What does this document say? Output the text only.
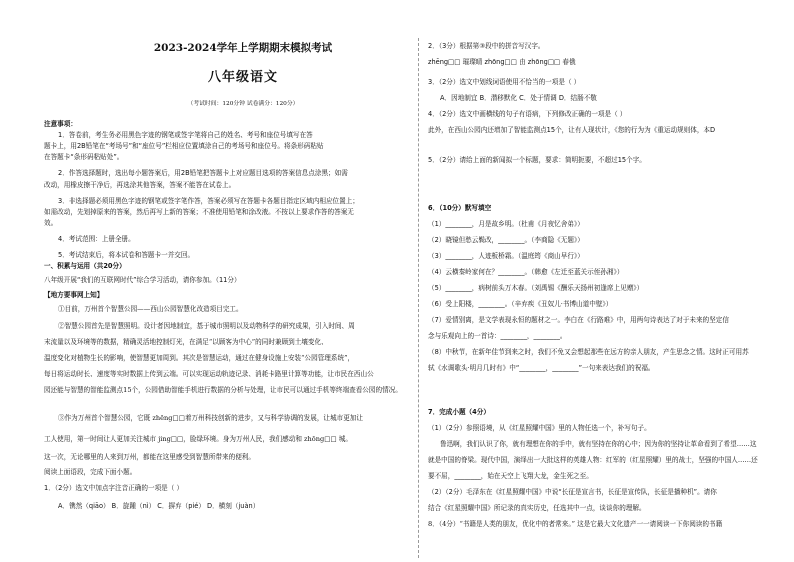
2023-2024学年上学期期末模拟考试
八年级语文
（考试时间：120分钟 试卷满分：120分）
注意事项：
1．答卷前，考生务必用黑色字迹的钢笔或签字笔将自己的姓名、考号和座位号填写在答
题卡上，用2B铅笔在“考场号”和“座位号”栏相应位置填涂自己的考场号和座位号。将条形码粘贴
在答题卡“条形码粘贴处”。
2．作答选择题时，选出每小题答案后，用2B铅笔把答题卡上对应题目选项的答案信息点涂黑；如需
改动，用橡皮擦干净后，再选涂其他答案，答案不能答在试卷上。
3．非选择题必须用黑色字迹的钢笔或签字笔作答，答案必须写在答题卡各题目指定区域内相应位置上；
如需改动，先划掉原来的答案，然后再写上新的答案；不准使用铅笔和涂改液。不按以上要求作答的答案无
效。
4．考试范围：上册全册。
5．考试结束后，将本试卷和答题卡一并交回。
一、积累与运用（共20分）
八年级开展“我们的互联网时代”综合学习活动，请你参加。（11分）
【地方要事网上知】
①目前，万州首个智慧公园——西山公园智慧化改造项目完工。
②智慧公园首先是智慧照明。设计者因地制宜，基于城市照明以及动物科学的研究成果，引入时间、周
末流量以及环境等的数据，精确灵活地控制灯光，在满足“以顾客为中心”的同时兼顾到土壤变化、
温度变化对植物生长的影响，使智慧更加周到。其次是智慧运动，通过在健身设施上安装“公园管理系统”，
每日将运动时长、速度等实时数据上传到云端。可以实现运动轨迹记录、消耗卡路里计算等功能，让市民在西山公
园还能与智慧的智能监测点15个，公园借助智能手机进行数据的分析与处理，让市民可以通过手机等终端查看公园的情况。
③作为万州首个智慧公园，它既 zhēng□□着万州科技创新的进步，又与科学协调的发展，让城市更加让
工人使用，第一时间让人更加关注城市 jing□□，脸绿环境。身为万州人民，我们感动和 zhōng□□ 城。
这一次，无论哪里的人来到万州，都能在这里感受到智慧所带来的便利。
阅读上面语段，完成下面小题。
1．（2分）选文中加点字注音正确的一项是（ ）
A．镌然（qiāo） B．旋踵（nì） C．摒弃（pié） D．横刻（juàn）
2．（3分）根据第③段中的拼音写汉字。
zhēng□□ 璀璨晴 zhōng□□ 由 zhōng□□ 春俄
3．（2分）选文中划线词语使用不恰当的一项是（ ）
A．因地制宜 B．潜移默化 C．处于情调 D．结肠不敬
4．（2分）选文中画横线的句子有语病，下列修改正确的一项是（ ）
此外，在西山公园内还增加了智能监测点15个，让有人现状计，《您的行为为《重运动规则体，本D
5．（2分）请给上面的新闻拟一个标题，要求：简明扼要，不超过15个字。
6．（10分）默写填空
（1）________，月是故乡明。（杜甫《月夜忆舍弟》）
（2）晓镜但愁云鬓改，________。（李商隐《无题》）
（3）________，人迹板桥霜。（温庭筠《商山早行》）
（4）云横秦岭家何在？________。（韩愈《左迁至蓝关示侄孙湘》）
（5）________，病树前头万木春。（刘禹锡《酬乐天扬州初逢席上见赠》）
（6）受上阳楼，________。（辛弃疾《丑奴儿·书博山道中壁》）
（7）爱情别离，是文学表现永恒的题材之一。李白在《行路难》中，用两句诗表达了对于未来的坚定信
念与乐观向上的一首诗：________，________。
（8）中秋节，在新年佳节到来之时，我们不免又会想起那些在远方的亲人朋友，产生思念之情。这时正可用苏
轼《水调歌头·明月几时有》中“________，________”一句来表达我们的祝福。
7．完成小题（4分）
（1）（2分）参照语境，从《红星照耀中国》里的人物任选一个，补写句子。
鲁迅啊，我们认识了你，就有理想在你的手中，就有坚持在你的心中；因为你的坚持让革命看到了希望……这
就是中国的脊梁。现代中国，演绎出一大批这样的英雄人物：红军的（红星照耀）里的战士，坚强的中国人……还
要不屈，________，始在天空上飞翔大龙，金生死之至。
（2）（2分）毛泽东在《红星照耀中国》中说“长征是宣言书，长征是宣传队，长征是播种机”。请你
结合《红星照耀中国》所记录的真实历史，任选其中一点，谈谈你的理解。
8．（4分）“书籍是人类的朋友，优化中的者常来。” 这是它最大文化遗产一一请阅读一下你阅读的书籍
